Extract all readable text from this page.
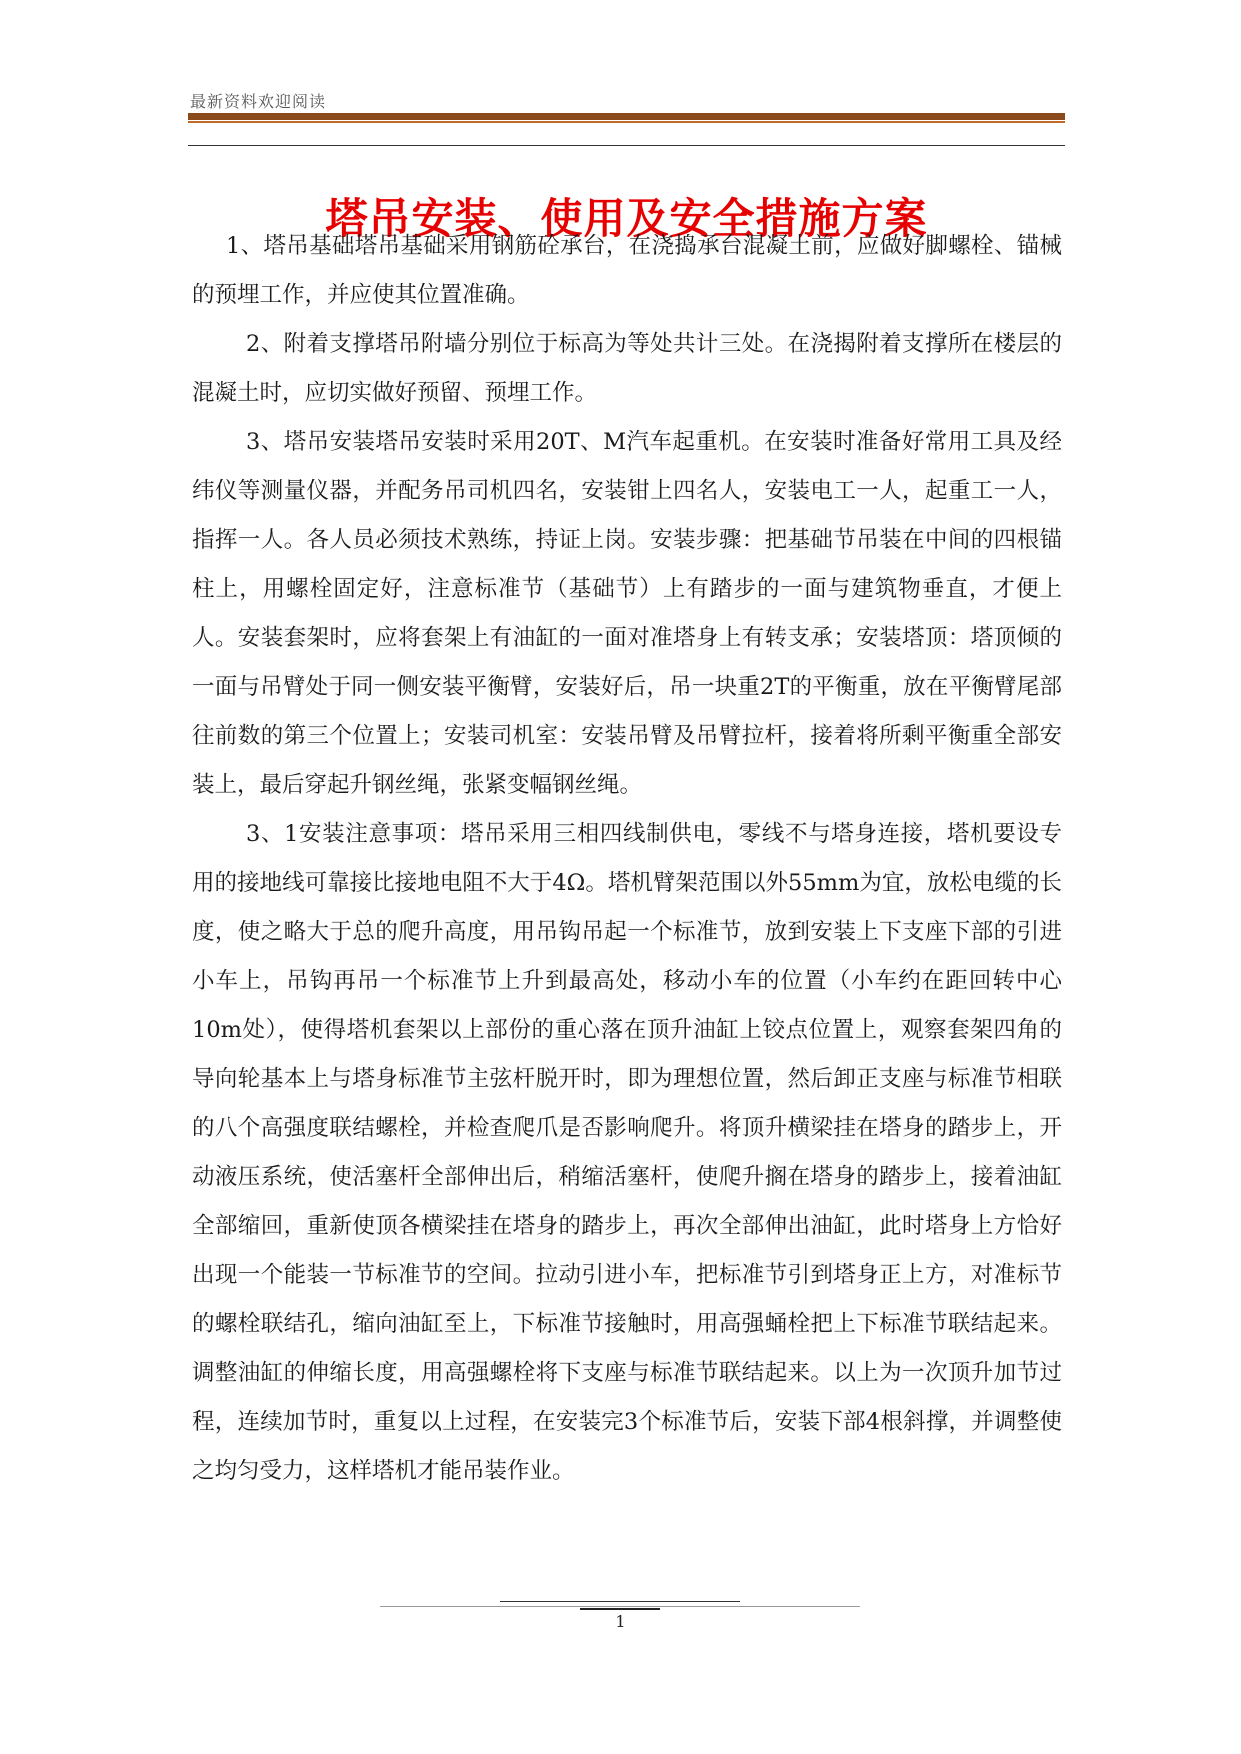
最新资料欢迎阅读
塔吊安装、使用及安全措施方案

1、塔吊基础塔吊基础采用钢筋砼承台，在浇捣承台混凝土前，应做好脚螺栓、锚械的预埋工作，并应使其位置准确。

2、附着支撑塔吊附墙分别位于标高为等处共计三处。在浇揭附着支撑所在楼层的混凝土时，应切实做好预留、预埋工作。

3、塔吊安装塔吊安装时采用20T、M汽车起重机。在安装时准备好常用工具及经纬仪等测量仪器，并配务吊司机四名，安装钳上四名人，安装电工一人，起重工一人，指挥一人。各人员必须技术熟练，持证上岗。安装步骤：把基础节吊装在中间的四根锚柱上，用螺栓固定好，注意标准节（基础节）上有踏步的一面与建筑物垂直，才便上人。安装套架时，应将套架上有油缸的一面对准塔身上有转支承；安装塔顶：塔顶倾的一面与吊臂处于同一侧安装平衡臂，安装好后，吊一块重2T的平衡重，放在平衡臂尾部往前数的第三个位置上；安装司机室：安装吊臂及吊臂拉杆，接着将所剩平衡重全部安装上，最后穿起升钢丝绳，张紧变幅钢丝绳。

3、1安装注意事项：塔吊采用三相四线制供电，零线不与塔身连接，塔机要设专用的接地线可靠接比接地电阻不大于4Ω。塔机臂架范围以外55mm为宜，放松电缆的长度，使之略大于总的爬升高度，用吊钩吊起一个标准节，放到安装上下支座下部的引进小车上，吊钩再吊一个标准节上升到最高处，移动小车的位置（小车约在距回转中心10m处），使得塔机套架以上部份的重心落在顶升油缸上铰点位置上，观察套架四角的导向轮基本上与塔身标准节主弦杆脱开时，即为理想位置，然后卸正支座与标准节相联的八个高强度联结螺栓，并检查爬爪是否影响爬升。将顶升横梁挂在塔身的踏步上，开动液压系统，使活塞杆全部伸出后，稍缩活塞杆，使爬升搁在塔身的踏步上，接着油缸全部缩回，重新使顶各横梁挂在塔身的踏步上，再次全部伸出油缸，此时塔身上方恰好出现一个能装一节标准节的空间。拉动引进小车，把标准节引到塔身正上方，对准标节的螺栓联结孔，缩向油缸至上，下标准节接触时，用高强蛹栓把上下标准节联结起来。调整油缸的伸缩长度，用高强螺栓将下支座与标准节联结起来。以上为一次顶升加节过程，连续加节时，重复以上过程，在安装完3个标准节后，安装下部4根斜撑，并调整使之均匀受力，这样塔机才能吊装作业。

1
